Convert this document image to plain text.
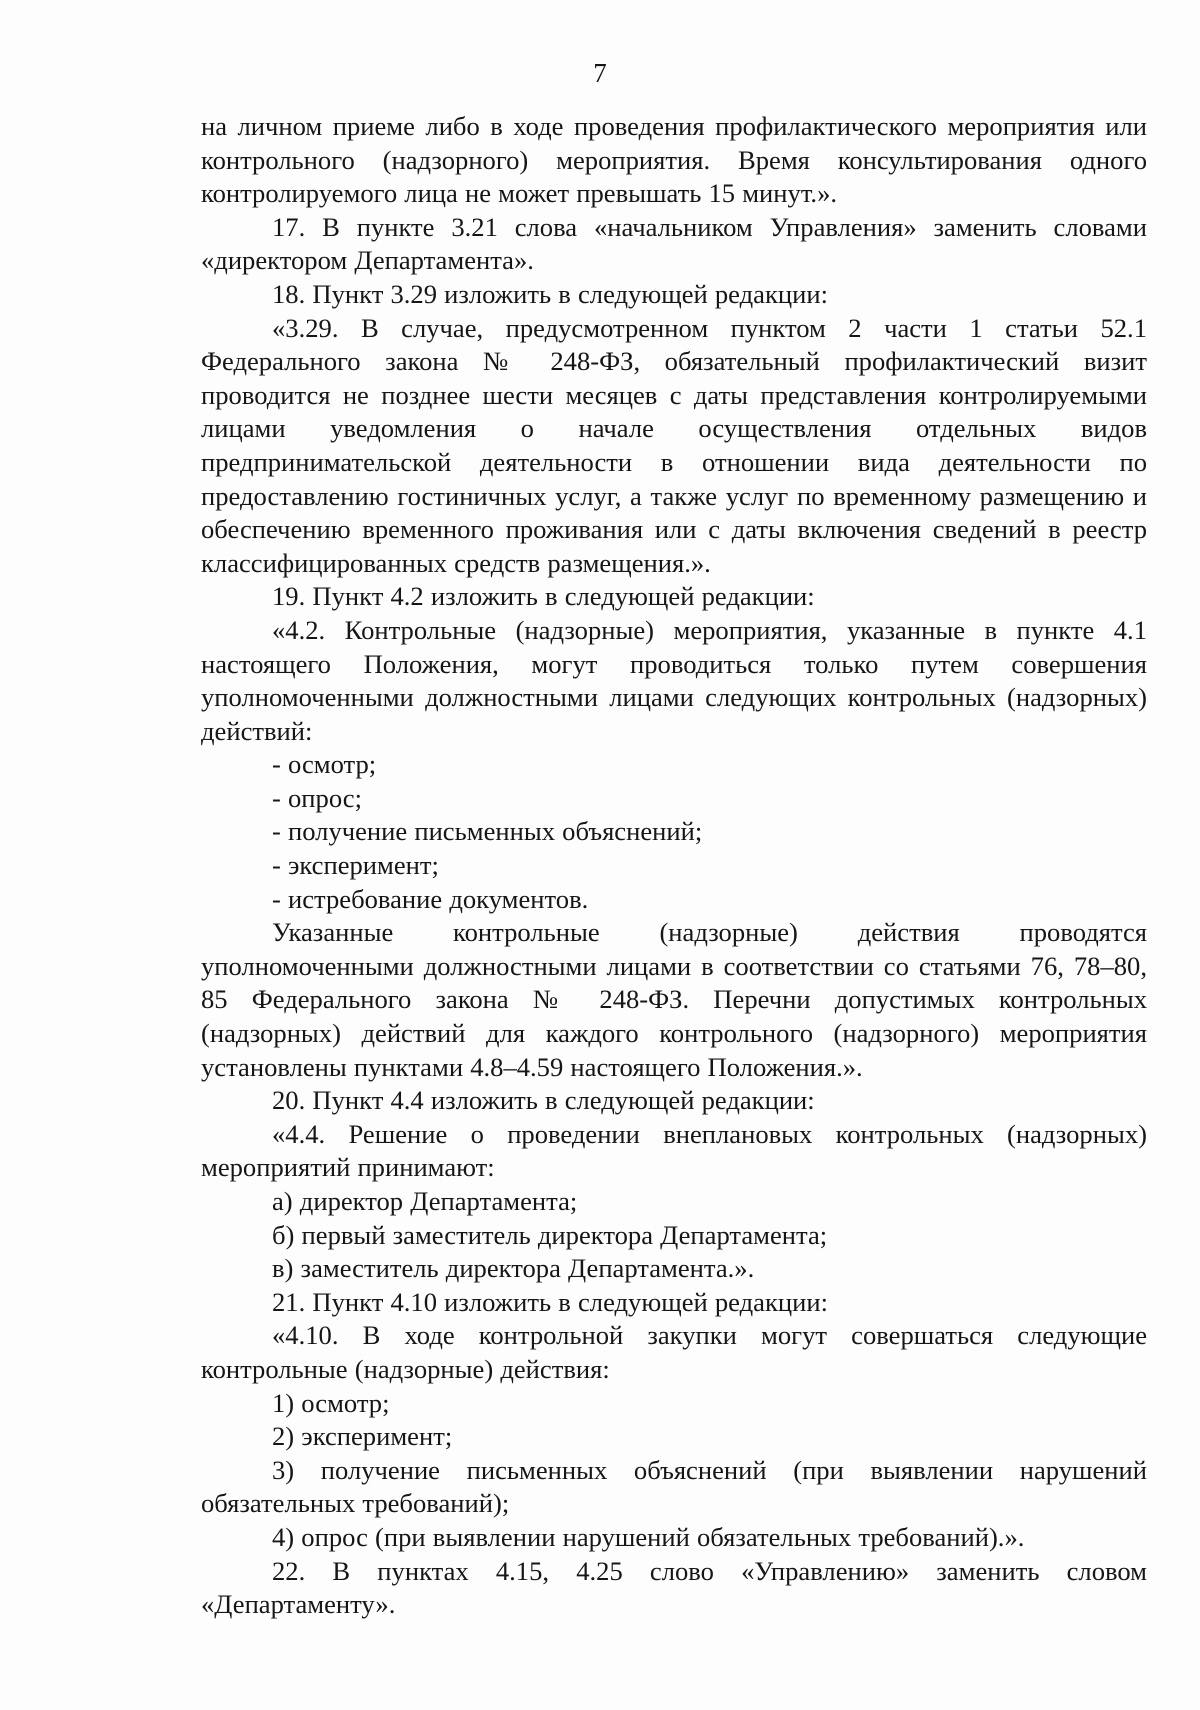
7

на личном приеме либо в ходе проведения профилактического мероприятия или контрольного (надзорного) мероприятия. Время консультирования одного контролируемого лица не может превышать 15 минут.».

17. В пункте 3.21 слова «начальником Управления» заменить словами «директором Департамента».

18. Пункт 3.29 изложить в следующей редакции:

«3.29. В случае, предусмотренном пунктом 2 части 1 статьи 52.1 Федерального закона № 248-ФЗ, обязательный профилактический визит проводится не позднее шести месяцев с даты представления контролируемыми лицами уведомления о начале осуществления отдельных видов предпринимательской деятельности в отношении вида деятельности по предоставлению гостиничных услуг, а также услуг по временному размещению и обеспечению временного проживания или с даты включения сведений в реестр классифицированных средств размещения.».

19. Пункт 4.2 изложить в следующей редакции:

«4.2. Контрольные (надзорные) мероприятия, указанные в пункте 4.1 настоящего Положения, могут проводиться только путем совершения уполномоченными должностными лицами следующих контрольных (надзорных) действий:

- осмотр;

- опрос;

- получение письменных объяснений;

- эксперимент;

- истребование документов.

Указанные контрольные (надзорные) действия проводятся уполномоченными должностными лицами в соответствии со статьями 76, 78–80, 85 Федерального закона № 248-ФЗ. Перечни допустимых контрольных (надзорных) действий для каждого контрольного (надзорного) мероприятия установлены пунктами 4.8–4.59 настоящего Положения.».

20. Пункт 4.4 изложить в следующей редакции:

«4.4. Решение о проведении внеплановых контрольных (надзорных) мероприятий принимают:

а) директор Департамента;

б) первый заместитель директора Департамента;

в) заместитель директора Департамента.».

21. Пункт 4.10 изложить в следующей редакции:

«4.10. В ходе контрольной закупки могут совершаться следующие контрольные (надзорные) действия:

1) осмотр;

2) эксперимент;

3) получение письменных объяснений (при выявлении нарушений обязательных требований);

4) опрос (при выявлении нарушений обязательных требований).».

22. В пунктах 4.15, 4.25 слово «Управлению» заменить словом «Департаменту».
